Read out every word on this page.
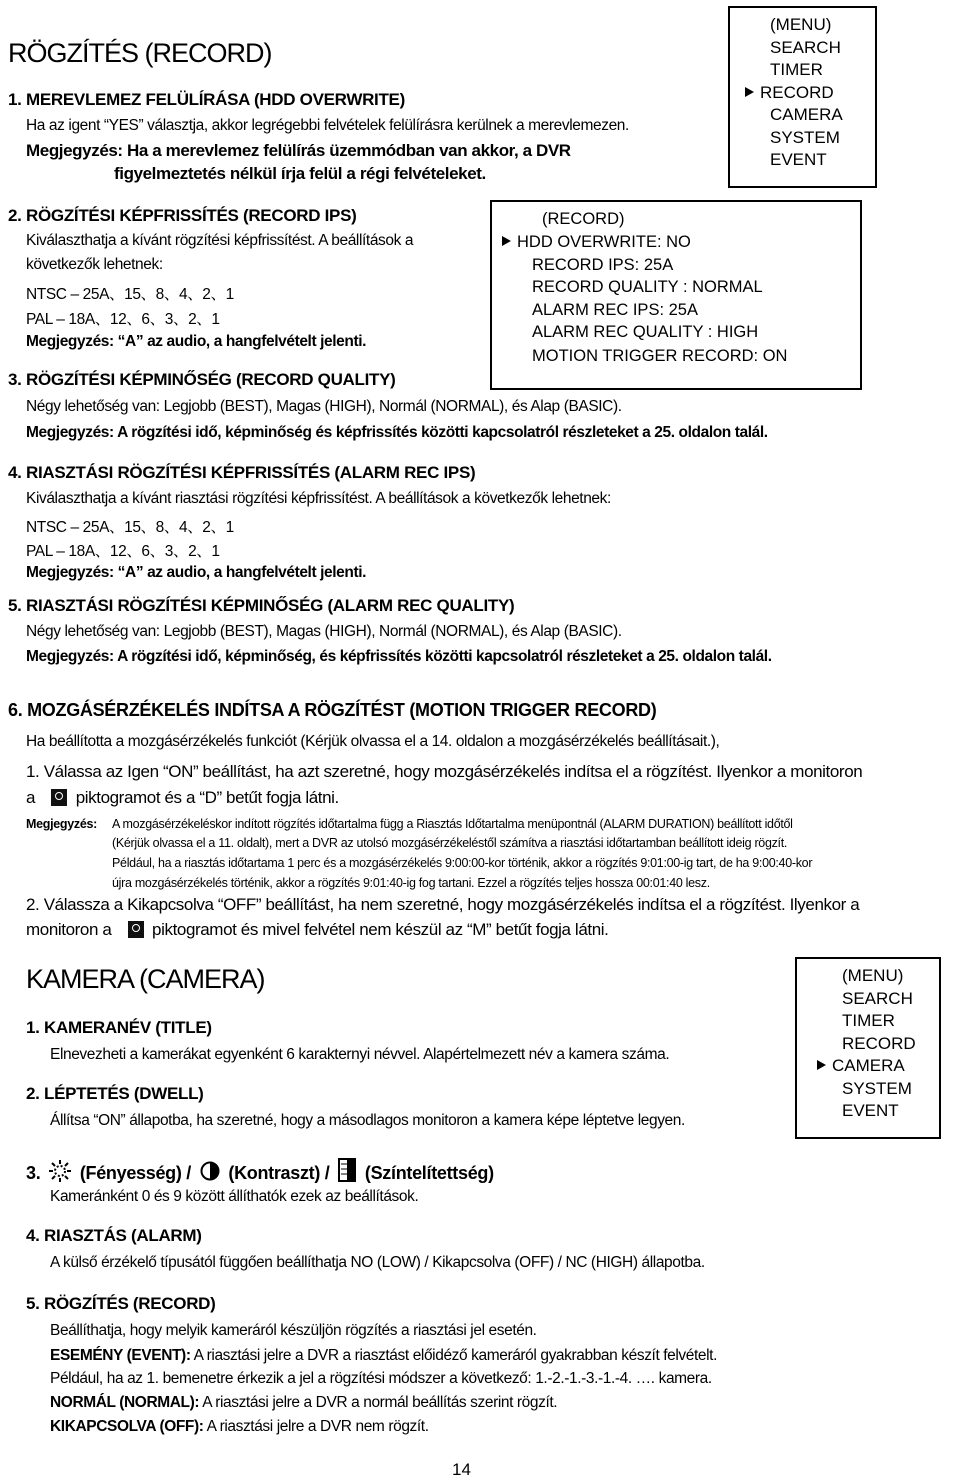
RÖGZÍTÉS (RECORD)
1. MEREVLEMEZ FELÜLÍRÁSA (HDD OVERWRITE)
Ha az igent “YES” választja, akkor legrégebbi felvételek felülírásra kerülnek a merevlemezen.
Megjegyzés: Ha a merevlemez felülírás üzemmódban van akkor, a DVR
figyelmeztetés nélkül írja felül a régi felvételeket.
(MENU)
SEARCH
TIMER
RECORD
CAMERA
SYSTEM
EVENT
(RECORD)
HDD OVERWRITE: NO
RECORD IPS: 25A
RECORD QUALITY : NORMAL
ALARM REC IPS: 25A
ALARM REC QUALITY : HIGH
MOTION TRIGGER RECORD: ON
2. RÖGZÍTÉSI KÉPFRISSÍTÉS (RECORD IPS)
Kiválaszthatja a kívánt rögzítési képfrissítést. A beállítások a
következők lehetnek:
NTSC – 25A、15、8、4、2、1
PAL – 18A、12、6、3、2、1
Megjegyzés: “A” az audio, a hangfelvételt jelenti.
3. RÖGZÍTÉSI KÉPMINŐSÉG (RECORD QUALITY)
Négy lehetőség van: Legjobb (BEST), Magas (HIGH), Normál (NORMAL), és Alap (BASIC).
Megjegyzés: A rögzítési idő, képminőség és képfrissítés közötti kapcsolatról részleteket a 25. oldalon talál.
4. RIASZTÁSI RÖGZÍTÉSI KÉPFRISSÍTÉS (ALARM REC IPS)
Kiválaszthatja a kívánt riasztási rögzítési képfrissítést. A beállítások a következők lehetnek:
NTSC – 25A、15、8、4、2、1
PAL – 18A、12、6、3、2、1
Megjegyzés: “A” az audio, a hangfelvételt jelenti.
5. RIASZTÁSI RÖGZÍTÉSI KÉPMINŐSÉG (ALARM REC QUALITY)
Négy lehetőség van: Legjobb (BEST), Magas (HIGH), Normál (NORMAL), és Alap (BASIC).
Megjegyzés: A rögzítési idő, képminőség, és képfrissítés közötti kapcsolatról részleteket a 25. oldalon talál.
6. MOZGÁSÉRZÉKELÉS INDÍTSA A RÖGZÍTÉST (MOTION TRIGGER RECORD)
Ha beállította a mozgásérzékelés funkciót (Kérjük olvassa el a 14. oldalon a mozgásérzékelés beállításait.),
1. Válassa az Igen “ON” beállítást, ha azt szeretné, hogy mozgásérzékelés indítsa el a rögzítést. Ilyenkor a monitoron
a piktogramot és a “D” betűt fogja látni.
Megjegyzés: A mozgásérzékeléskor indított rögzítés időtartalma függ a Riasztás Időtartalma menüpontnál (ALARM DURATION) beállított időtől
(Kérjük olvassa el a 11. oldalt), mert a DVR az utolsó mozgásérzékeléstől számítva a riasztási időtartamban beállított ideig rögzít.
Például, ha a riasztás időtartama 1 perc és a mozgásérzékelés 9:00:00-kor történik, akkor a rögzítés 9:01:00-ig tart, de ha 9:00:40-kor
újra mozgásérzékelés történik, akkor a rögzítés 9:01:40-ig fog tartani. Ezzel a rögzítés teljes hossza 00:01:40 lesz.
2. Válassza a Kikapcsolva “OFF” beállítást, ha nem szeretné, hogy mozgásérzékelés indítsa el a rögzítést. Ilyenkor a
monitoron a piktogramot és mivel felvétel nem készül az “M” betűt fogja látni.
KAMERA (CAMERA)	(MENU)
SEARCH
TIMER
RECORD
CAMERA
SYSTEM
EVENT
1. KAMERANÉV (TITLE)
Elnevezheti a kamerákat egyenként 6 karakternyi névvel. Alapértelmezett név a kamera száma.
2. LÉPTETÉS (DWELL)
Állítsa “ON” állapotba, ha szeretné, hogy a másodlagos monitoron a kamera képe léptetve legyen.
3. (Fényesség) / (Kontraszt) / (Színtelítettség)
Kameránként 0 és 9 között állíthatók ezek az beállítások.
4. RIASZTÁS (ALARM)
A külső érzékelő típusától függően beállíthatja NO (LOW) / Kikapcsolva (OFF) / NC (HIGH) állapotba.
5. RÖGZÍTÉS (RECORD)
Beállíthatja, hogy melyik kameráról készüljön rögzítés a riasztási jel esetén.
ESEMÉNY (EVENT): A riasztási jelre a DVR a riasztást előidéző kameráról gyakrabban készít felvételt.
Például, ha az 1. bemenetre érkezik a jel a rögzítési módszer a következő: 1.-2.-1.-3.-1.-4. …. kamera.
NORMÁL (NORMAL): A riasztási jelre a DVR a normál beállítás szerint rögzít.
KIKAPCSOLVA (OFF): A riasztási jelre a DVR nem rögzít.
14
